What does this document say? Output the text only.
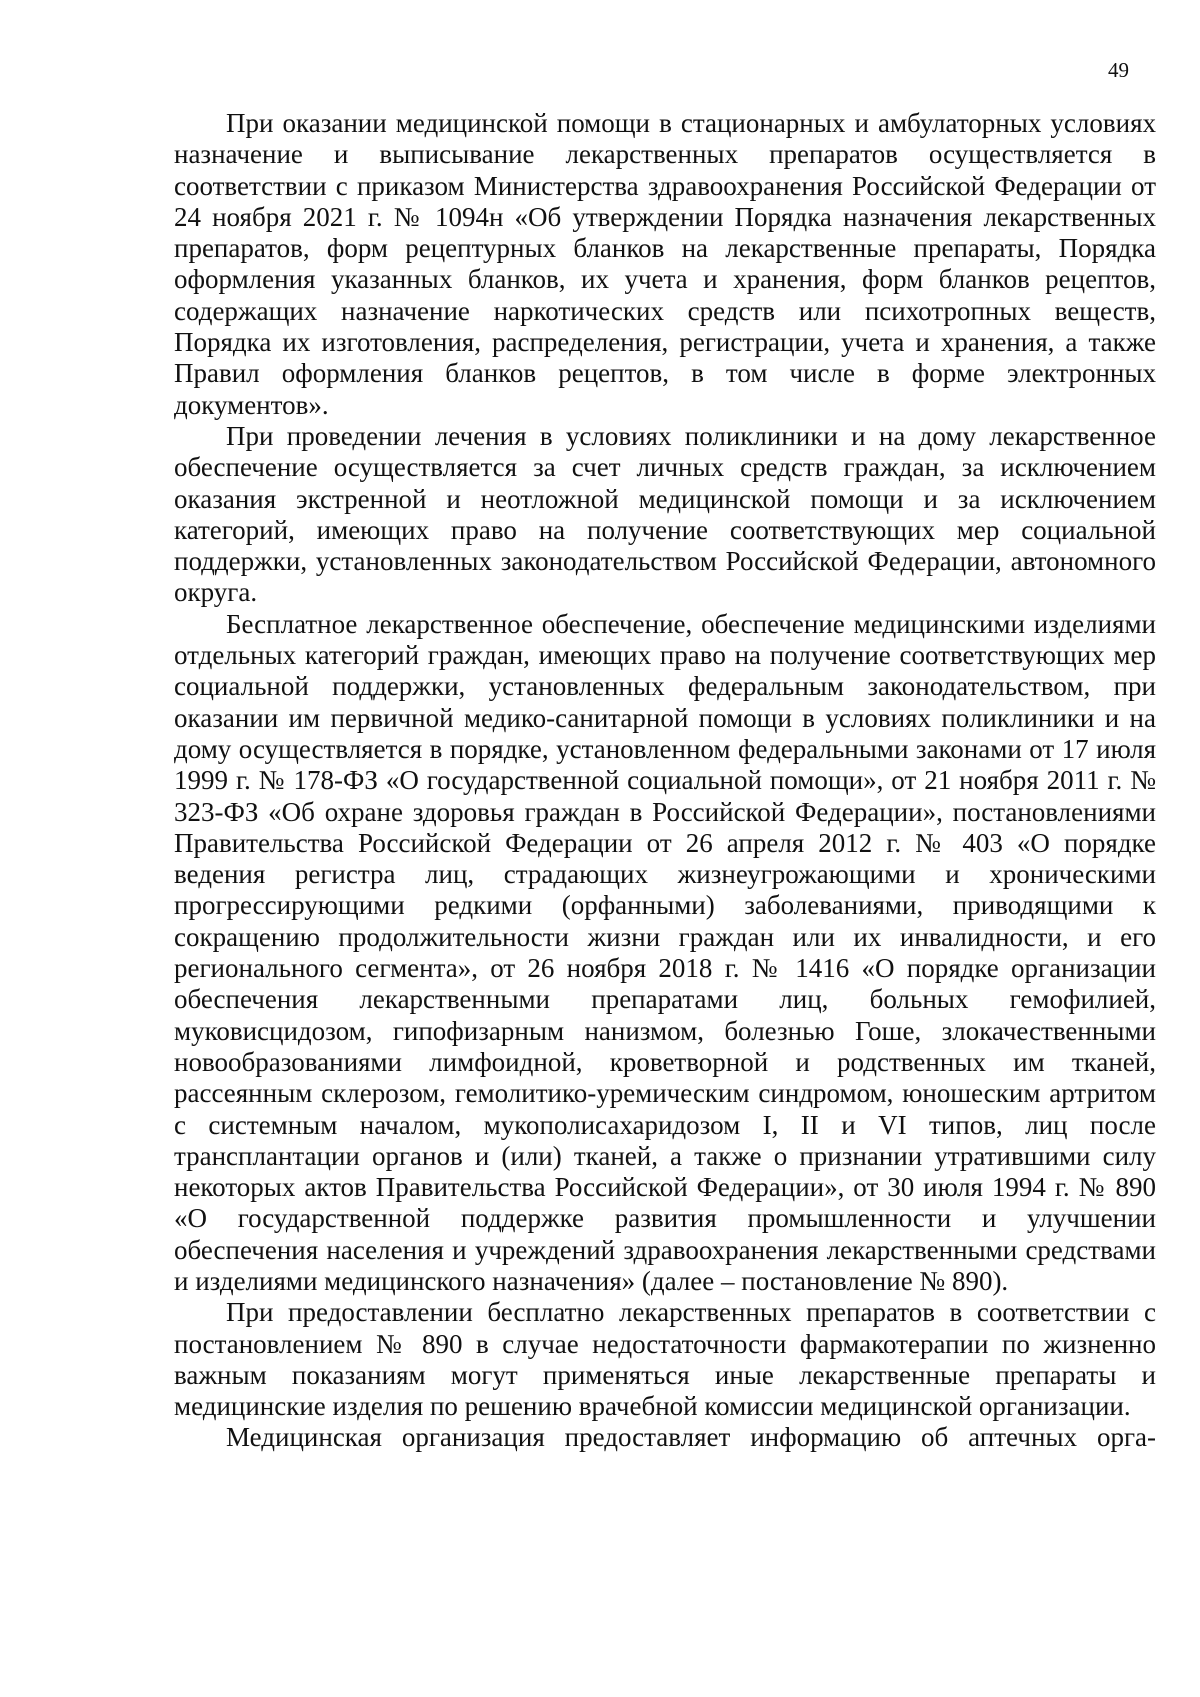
49

При оказании медицинской помощи в стационарных и амбулаторных условиях назначение и выписывание лекарственных препаратов осуществляется в соответствии с приказом Министерства здравоохранения Российской Федерации от 24 ноября 2021 г. № 1094н «Об утверждении Порядка назначения лекарственных препаратов, форм рецептурных бланков на лекарственные препараты, Порядка оформления указанных бланков, их учета и хранения, форм бланков рецептов, содержащих назначение наркотических средств или психотропных веществ, Порядка их изготовления, распределения, регистрации, учета и хранения, а также Правил оформления бланков рецептов, в том числе в форме электронных документов».

При проведении лечения в условиях поликлиники и на дому лекарственное обеспечение осуществляется за счет личных средств граждан, за исключением оказания экстренной и неотложной медицинской помощи и за исключением категорий, имеющих право на получение соответствующих мер социальной поддержки, установленных законодательством Российской Федерации, автономного округа.

Бесплатное лекарственное обеспечение, обеспечение медицинскими изделиями отдельных категорий граждан, имеющих право на получение соответствующих мер социальной поддержки, установленных федеральным законодательством, при оказании им первичной медико-санитарной помощи в условиях поликлиники и на дому осуществляется в порядке, установленном федеральными законами от 17 июля 1999 г. № 178-ФЗ «О государственной социальной помощи», от 21 ноября 2011 г. № 323-ФЗ «Об охране здоровья граждан в Российской Федерации», постановлениями Правительства Российской Федерации от 26 апреля 2012 г. № 403 «О порядке ведения регистра лиц, страдающих жизнеугрожающими и хроническими прогрессирующими редкими (орфанными) заболеваниями, приводящими к сокращению продолжительности жизни граждан или их инвалидности, и его регионального сегмента», от 26 ноября 2018 г. № 1416 «О порядке организации обеспечения лекарственными препаратами лиц, больных гемофилией, муковисцидозом, гипофизарным нанизмом, болезнью Гоше, злокачественными новообразованиями лимфоидной, кроветворной и родственных им тканей, рассеянным склерозом, гемолитико-уремическим синдромом, юношеским артритом с системным началом, мукополисахаридозом I, II и VI типов, лиц после трансплантации органов и (или) тканей, а также о признании утратившими силу некоторых актов Правительства Российской Федерации», от 30 июля 1994 г. № 890 «О государственной поддержке развития промышленности и улучшении обеспечения населения и учреждений здравоохранения лекарственными средствами и изделиями медицинского назначения» (далее – постановление № 890).

При предоставлении бесплатно лекарственных препаратов в соответствии с постановлением № 890 в случае недостаточности фармакотерапии по жизненно важным показаниям могут применяться иные лекарственные препараты и медицинские изделия по решению врачебной комиссии медицинской организации.

Медицинская организация предоставляет информацию об аптечных орга-
